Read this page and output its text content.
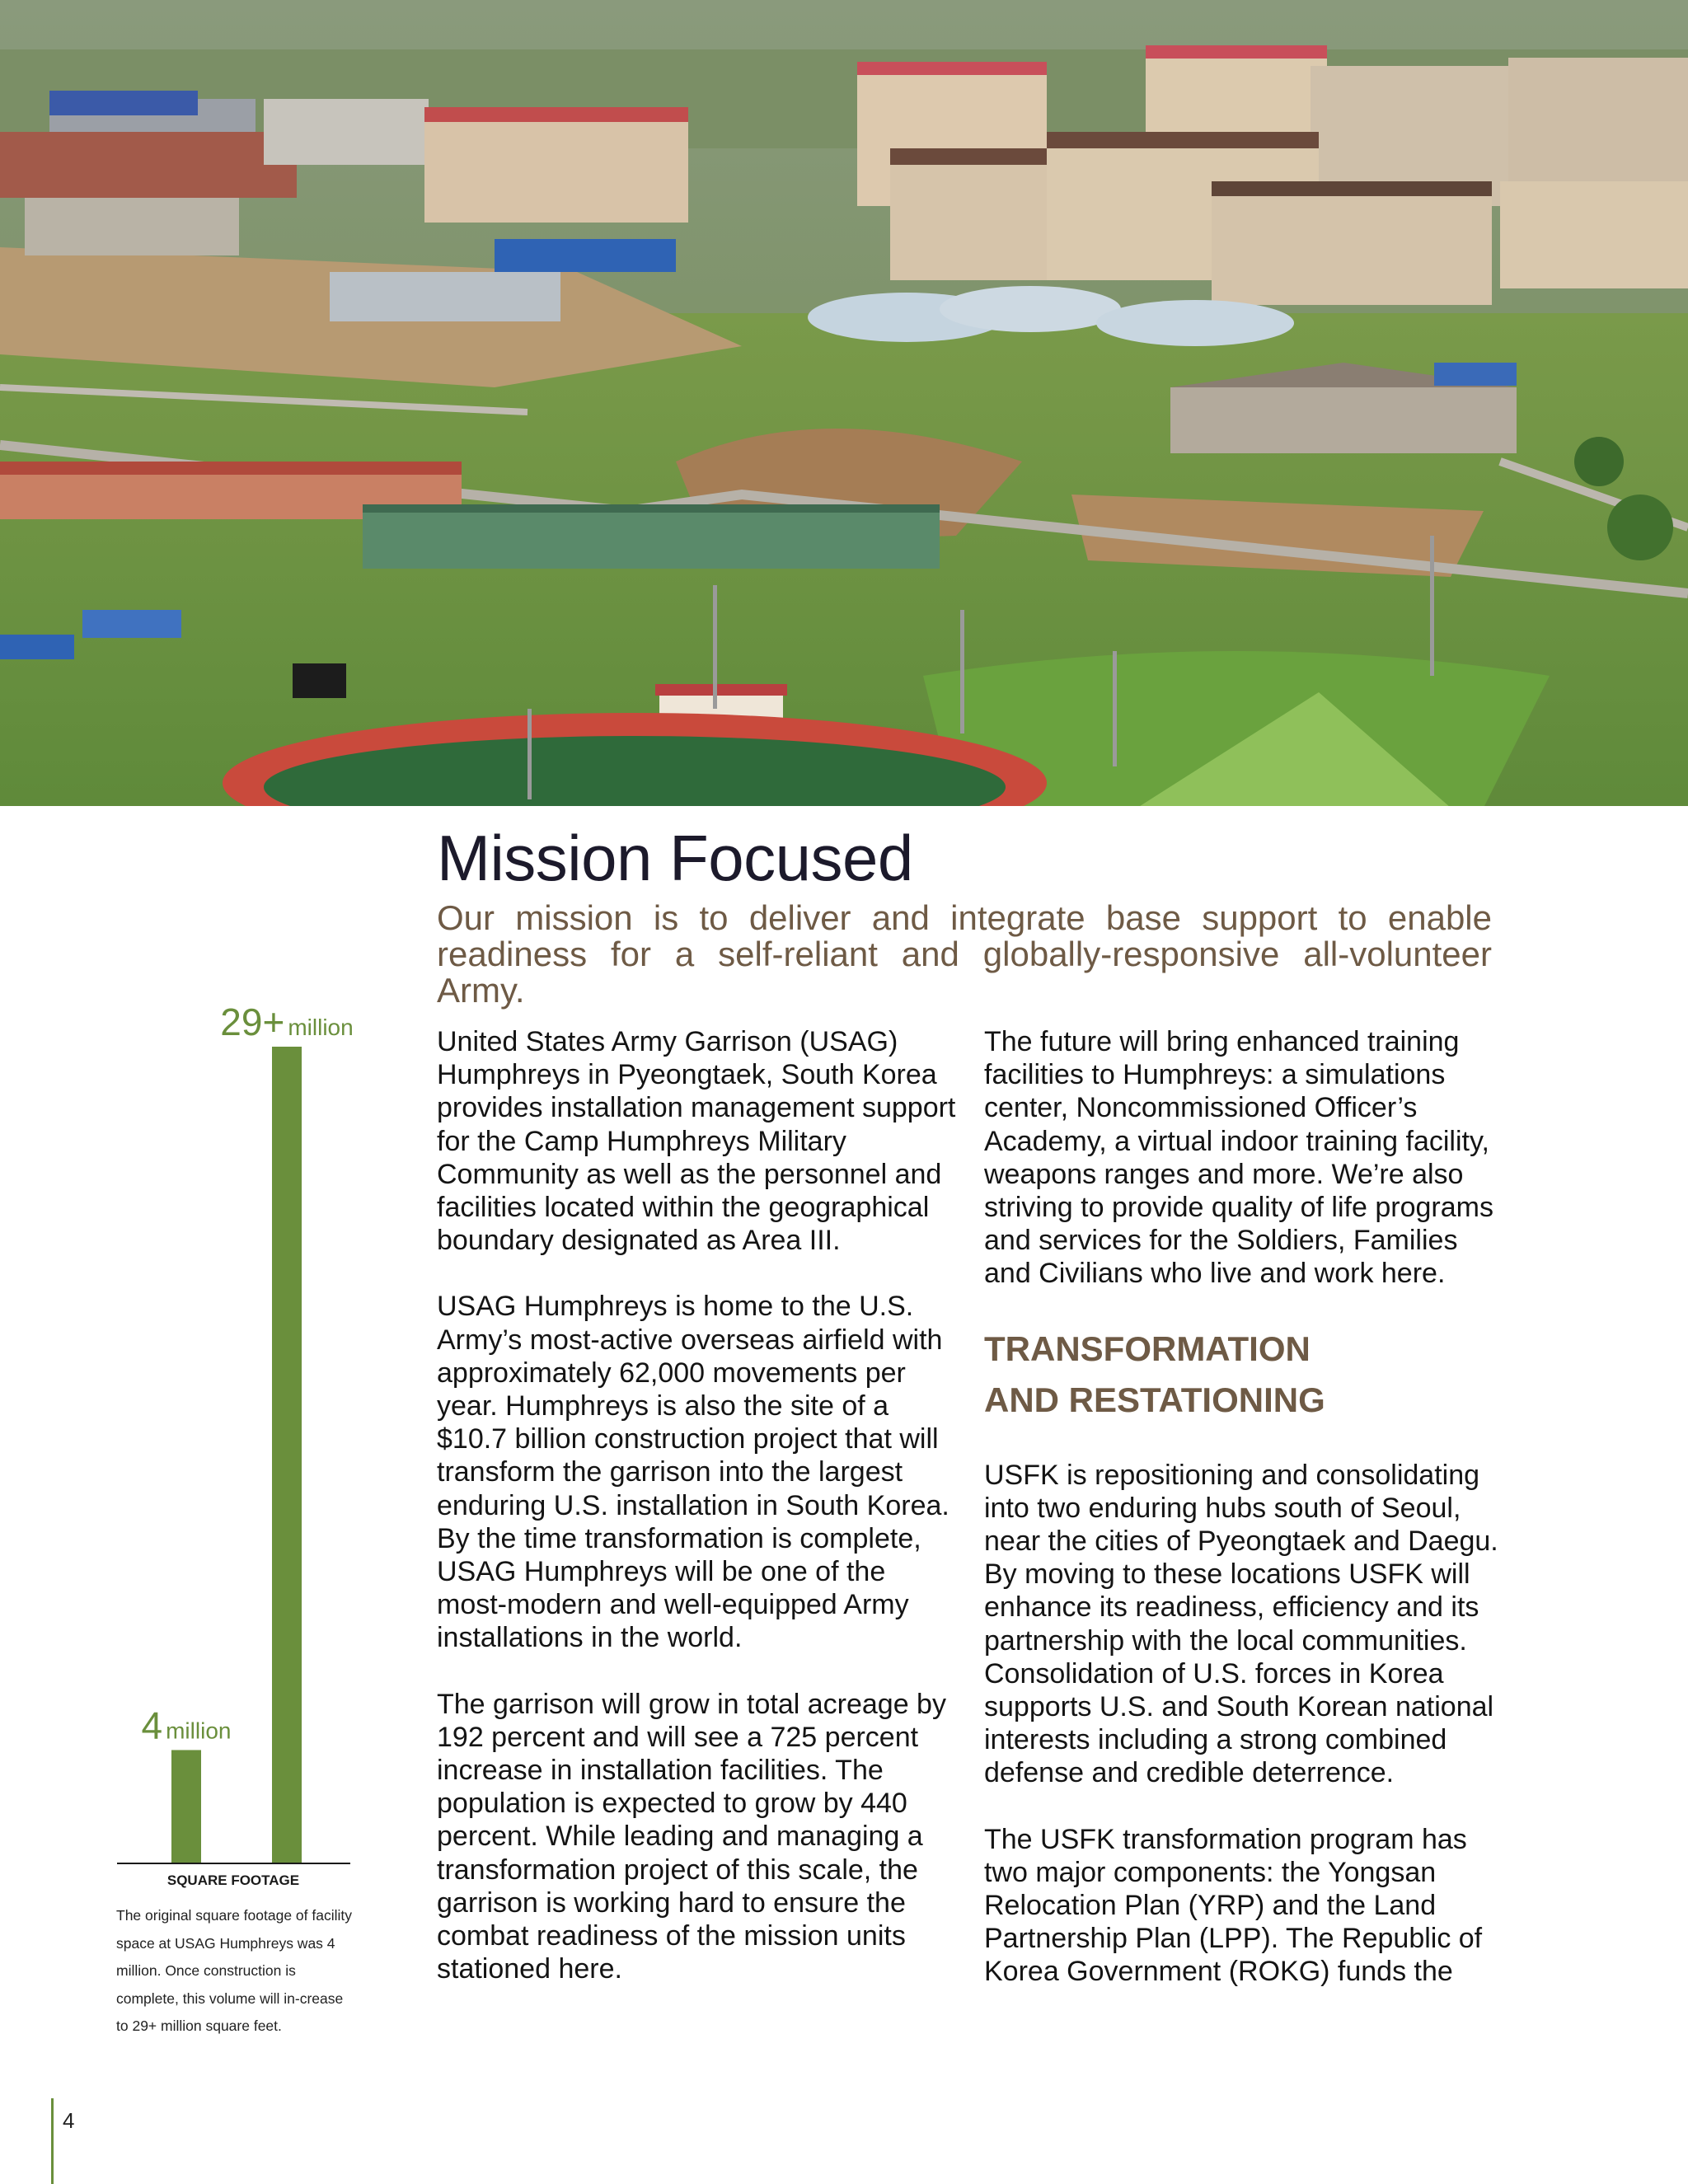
Mission Focused

Our mission is to deliver and integrate base support to enable readiness for a self-reliant and globally-responsive all-volunteer Army.

United States Army Garrison (USAG) Humphreys in Pyeongtaek, South Korea provides installation management support for the Camp Humphreys Military Community as well as the personnel and facilities located within the geographical boundary designated as Area III.

USAG Humphreys is home to the U.S. Army’s most-active overseas airfield with approximately 62,000 movements per year. Humphreys is also the site of a $10.7 billion construction project that will transform the garrison into the largest enduring U.S. installation in South Korea. By the time transformation is complete, USAG Humphreys will be one of the most-modern and well-equipped Army installations in the world.

The garrison will grow in total acreage by 192 percent and will see a 725 percent increase in installation facilities. The population is expected to grow by 440 percent. While leading and managing a transformation project of this scale, the garrison is working hard to ensure the combat readiness of the mission units stationed here.

The future will bring enhanced training facilities to Humphreys: a simulations center, Noncommissioned Officer’s Academy, a virtual indoor training facility, weapons ranges and more. We’re also striving to provide quality of life programs and services for the Soldiers, Families and Civilians who live and work here.

TRANSFORMATION
AND RESTATIONING

USFK is repositioning and consolidating into two enduring hubs south of Seoul, near the cities of Pyeongtaek and Daegu. By moving to these locations USFK will enhance its readiness, efficiency and its partnership with the local communities. Consolidation of U.S. forces in Korea supports U.S. and South Korean national interests including a strong combined defense and credible deterrence.

The USFK transformation program has two major components: the Yongsan Relocation Plan (YRP) and the Land Partnership Plan (LPP). The Republic of Korea Government (ROKG) funds the

4 million
29+ million
SQUARE FOOTAGE

The original square footage of facility space at USAG Humphreys was 4 million. Once construction is complete, this volume will in-crease to 29+ million square feet.

4
